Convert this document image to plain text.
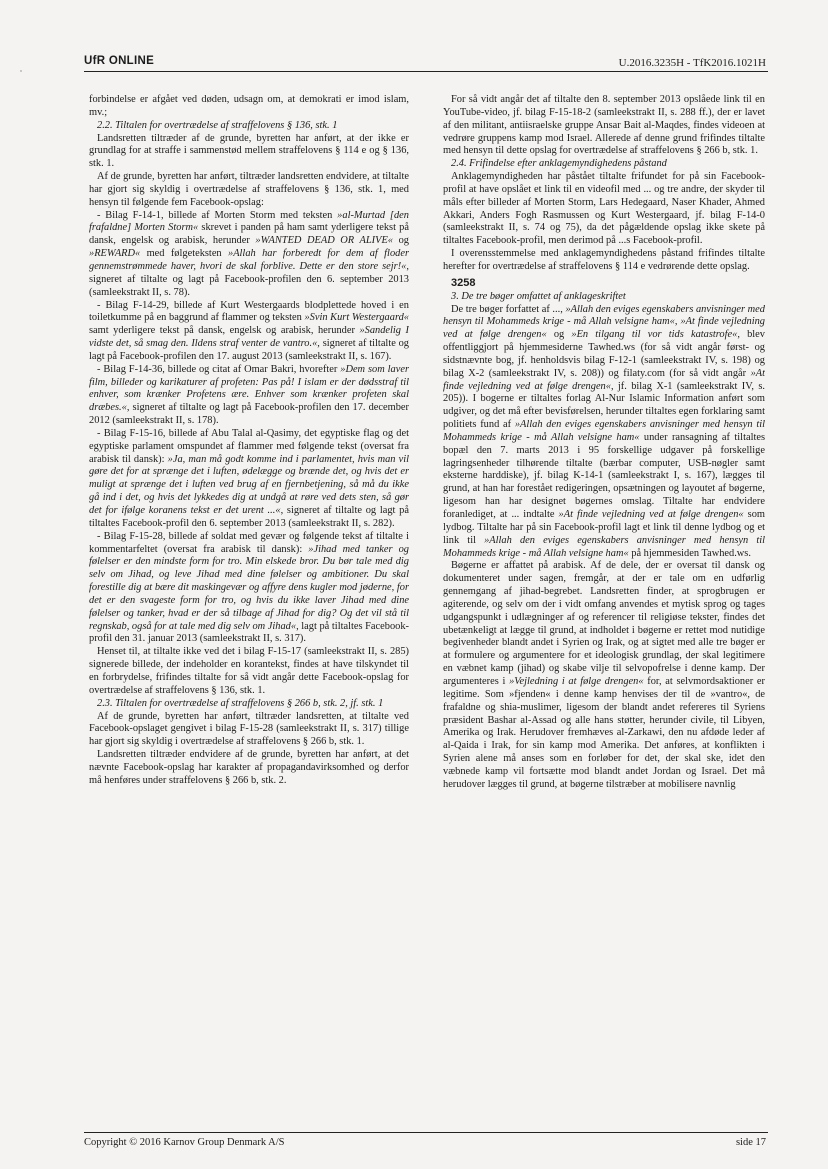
UfR ONLINE	U.2016.3235H - TfK2016.1021H

forbindelse er afgået ved døden, udsagn om, at demokrati er imod islam, mv.;

2.2. Tiltalen for overtrædelse af straffelovens § 136, stk. 1

Landsretten tiltræder af de grunde, byretten har anført, at der ikke er grundlag for at straffe i sammenstød mellem straffelovens § 114 e og § 136, stk. 1.

Af de grunde, byretten har anført, tiltræder landsretten endvidere, at tiltalte har gjort sig skyldig i overtrædelse af straffelovens § 136, stk. 1, med hensyn til følgende fem Facebook-opslag:

- Bilag F-14-1, billede af Morten Storm med teksten »al-Murtad [den frafaldne] Morten Storm« skrevet i panden på ham samt yderligere tekst på dansk, engelsk og arabisk, herunder »WANTED DEAD OR ALIVE« og »REWARD« med følgeteksten »Allah har forberedt for dem af floder gennemstrømmede haver, hvori de skal forblive. Dette er den store sejr!«, signeret af tiltalte og lagt på Facebook-profilen den 6. september 2013 (samleekstrakt II, s. 78).

- Bilag F-14-29, billede af Kurt Westergaards blodplettede hoved i en toiletkumme på en baggrund af flammer og teksten »Svin Kurt Westergaard« samt yderligere tekst på dansk, engelsk og arabisk, herunder »Sandelig I vidste det, så smag den. Ildens straf venter de vantro.«, signeret af tiltalte og lagt på Facebook-profilen den 17. august 2013 (samleekstrakt II, s. 167).

- Bilag F-14-36, billede og citat af Omar Bakri, hvorefter »Dem som laver film, billeder og karikaturer af profeten: Pas på! I islam er der dødsstraf til enhver, som krænker Profetens ære. Enhver som krænker profeten skal dræbes.«, signeret af tiltalte og lagt på Facebook-profilen den 17. december 2012 (samleekstrakt II, s. 178).

- Bilag F-15-16, billede af Abu Talal al-Qasimy, det egyptiske flag og det egyptiske parlament omspundet af flammer med følgende tekst (oversat fra arabisk til dansk): »Ja, man må godt komme ind i parlamentet, hvis man vil gøre det for at sprænge det i luften, ødelægge og brænde det, og hvis det er muligt at sprænge det i luften ved brug af en fjernbetjening, så må du ikke gå ind i det, og hvis det lykkedes dig at undgå at røre ved dets sten, så gør det for ifølge koranens tekst er det urent ...«, signeret af tiltalte og lagt på tiltaltes Facebook-profil den 6. september 2013 (samleekstrakt II, s. 282).

- Bilag F-15-28, billede af soldat med gevær og følgende tekst af tiltalte i kommentarfeltet (oversat fra arabisk til dansk): »Jihad med tanker og følelser er den mindste form for tro. Min elskede bror. Du bør tale med dig selv om Jihad, og leve Jihad med dine følelser og ambitioner. Du skal forestille dig at bære dit maskingevær og affyre dens kugler mod jøderne, for det er den svageste form for tro, og hvis du ikke laver Jihad med dine følelser og tanker, hvad er der så tilbage af Jihad for dig? Og det vil stå til regnskab, også for at tale med dig selv om Jihad«, lagt på tiltaltes Facebook-profil den 31. januar 2013 (samleekstrakt II, s. 317).

Henset til, at tiltalte ikke ved det i bilag F-15-17 (samleekstrakt II, s. 285) signerede billede, der indeholder en korantekst, findes at have tilskyndet til en forbrydelse, frifindes tiltalte for så vidt angår dette Facebook-opslag for overtrædelse af straffelovens § 136, stk. 1.

2.3. Tiltalen for overtrædelse af straffelovens § 266 b, stk. 2, jf. stk. 1

Af de grunde, byretten har anført, tiltræder landsretten, at tiltalte ved Facebook-opslaget gengivet i bilag F-15-28 (samleekstrakt II, s. 317) tillige har gjort sig skyldig i overtrædelse af straffelovens § 266 b, stk. 1.

Landsretten tiltræder endvidere af de grunde, byretten har anført, at det nævnte Facebook-opslag har karakter af propagandavirksomhed og derfor må henføres under straffelovens § 266 b, stk. 2.

For så vidt angår det af tiltalte den 8. september 2013 opslåede link til en YouTube-video, jf. bilag F-15-18-2 (samleekstrakt II, s. 288 ff.), der er lavet af den militant, antiisraelske gruppe Ansar Bait al-Maqdes, findes videoen at vedrøre gruppens kamp mod Israel. Allerede af denne grund frifindes tiltalte med hensyn til dette opslag for overtrædelse af straffelovens § 266 b, stk. 1.

2.4. Frifindelse efter anklagemyndighedens påstand

Anklagemyndigheden har påstået tiltalte frifundet for på sin Facebook-profil at have opslået et link til en videofil med ... og tre andre, der skyder til måls efter billeder af Morten Storm, Lars Hedegaard, Naser Khader, Ahmed Akkari, Anders Fogh Rasmussen og Kurt Westergaard, jf. bilag F-14-0 (samleekstrakt II, s. 74 og 75), da det pågældende opslag ikke skete på tiltaltes Facebook-profil, men derimod på ...s Facebook-profil.

I overensstemmelse med anklagemyndighedens påstand frifindes tiltalte herefter for overtrædelse af straffelovens § 114 e vedrørende dette opslag.

3258

3. De tre bøger omfattet af anklageskriftet

De tre bøger forfattet af ..., »Allah den eviges egenskabers anvisninger med hensyn til Mohammeds krige - må Allah velsigne ham«, »At finde vejledning ved at følge drengen« og »En tilgang til vor tids katastrofe«, blev offentliggjort på hjemmesiderne Tawhed.ws (for så vidt angår først- og sidstnævnte bog, jf. henholdsvis bilag F-12-1 (samleekstrakt IV, s. 198) og bilag X-2 (samleekstrakt IV, s. 208)) og filaty.com (for så vidt angår »At finde vejledning ved at følge drengen«, jf. bilag X-1 (samleekstrakt IV, s. 205)). I bogerne er tiltaltes forlag Al-Nur Islamic Information anført som udgiver, og det må efter bevisførelsen, herunder tiltaltes egen forklaring samt politiets fund af »Allah den eviges egenskabers anvisninger med hensyn til Mohammeds krige - må Allah velsigne ham« under ransagning af tiltaltes bopæl den 7. marts 2013 i 95 forskellige udgaver på forskellige lagringsenheder tilhørende tiltalte (bærbar computer, USB-nøgler samt eksterne harddiske), jf. bilag K-14-1 (samleekstrakt I, s. 167), lægges til grund, at han har forestået redigeringen, opsætningen og layoutet af bøgerne, ligesom han har designet bøgernes omslag. Tiltalte har endvidere foranlediget, at ... indtalte »At finde vejledning ved at følge drengen« som lydbog. Tiltalte har på sin Facebook-profil lagt et link til denne lydbog og et link til »Allah den eviges egenskabers anvisninger med hensyn til Mohammeds krige - må Allah velsigne ham« på hjemmesiden Tawhed.ws.

Bøgerne er affattet på arabisk. Af de dele, der er oversat til dansk og dokumenteret under sagen, fremgår, at der er tale om en udførlig gennemgang af jihad-begrebet. Landsretten finder, at sprogbrugen er agiterende, og selv om der i vidt omfang anvendes et mytisk sprog og tages udgangspunkt i udlægninger af og referencer til religiøse tekster, findes det ubetænkeligt at lægge til grund, at indholdet i bøgerne er rettet mod nutidige begivenheder blandt andet i Syrien og Irak, og at sigtet med alle tre bøger er at formulere og argumentere for et ideologisk grundlag, der skal legitimere en væbnet kamp (jihad) og skabe vilje til selvopofrelse i denne kamp. Der argumenteres i »Vejledning i at følge drengen« for, at selvmordsaktioner er legitime. Som »fjenden« i denne kamp henvises der til de »vantro«, de frafaldne og shia-muslimer, ligesom der blandt andet refereres til Syriens præsident Bashar al-Assad og alle hans støtter, herunder civile, til Libyen, Amerika og Irak. Herudover fremhæves al-Zarkawi, den nu afdøde leder af al-Qaida i Irak, for sin kamp mod Amerika. Det anføres, at konflikten i Syrien alene må anses som en forløber for det, der skal ske, idet den væbnede kamp vil fortsætte mod blandt andet Jordan og Israel. Det må herudover lægges til grund, at bøgerne tilstræber at mobilisere navnlig

Copyright © 2016 Karnov Group Denmark A/S	side 17
